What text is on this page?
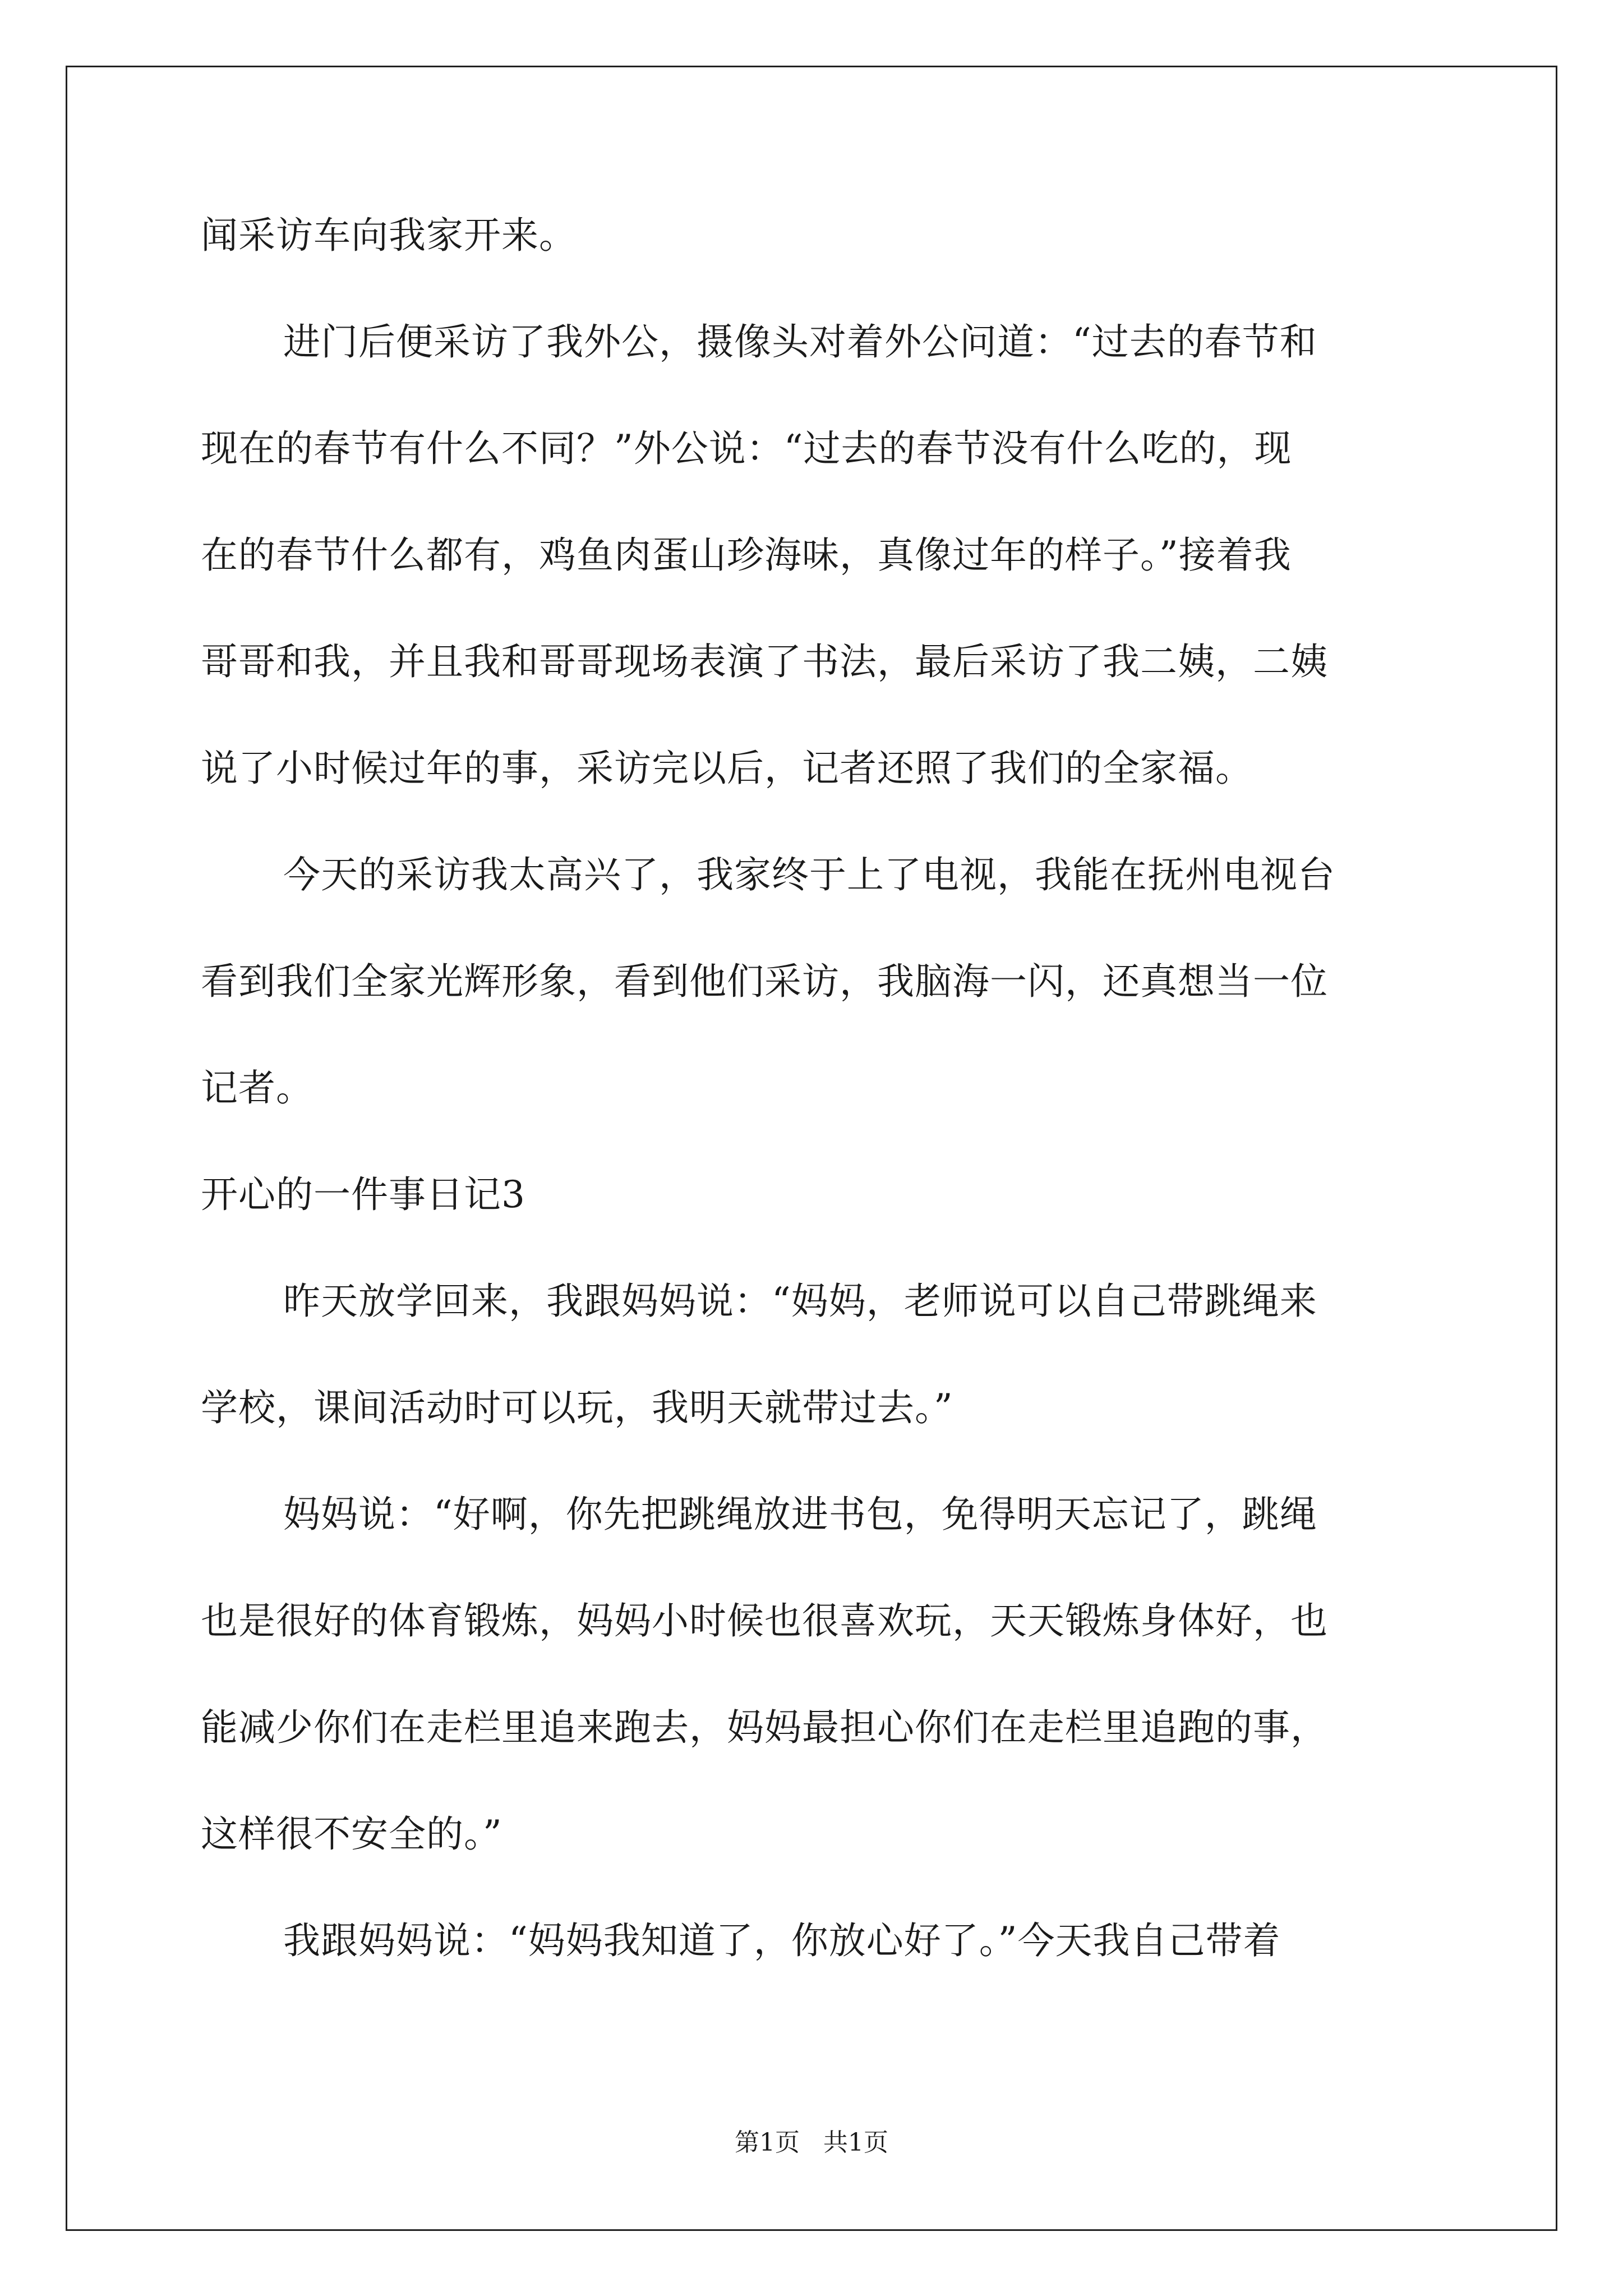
闻采访车向我家开来。
进门后便采访了我外公，摄像头对着外公问道：“过去的春节和
现在的春节有什么不同？”外公说：“过去的春节没有什么吃的，现
在的春节什么都有，鸡鱼肉蛋山珍海味，真像过年的样子。”接着我
哥哥和我，并且我和哥哥现场表演了书法，最后采访了我二姨，二姨
说了小时候过年的事，采访完以后，记者还照了我们的全家福。
今天的采访我太高兴了，我家终于上了电视，我能在抚州电视台
看到我们全家光辉形象，看到他们采访，我脑海一闪，还真想当一位
记者。
开心的一件事日记3
昨天放学回来，我跟妈妈说：“妈妈，老师说可以自己带跳绳来
学校，课间活动时可以玩，我明天就带过去。”
妈妈说：“好啊，你先把跳绳放进书包，免得明天忘记了，跳绳
也是很好的体育锻炼，妈妈小时候也很喜欢玩，天天锻炼身体好，也
能减少你们在走栏里追来跑去，妈妈最担心你们在走栏里追跑的事，
这样很不安全的。”
我跟妈妈说：“妈妈我知道了，你放心好了。”今天我自己带着
第1页   共1页
